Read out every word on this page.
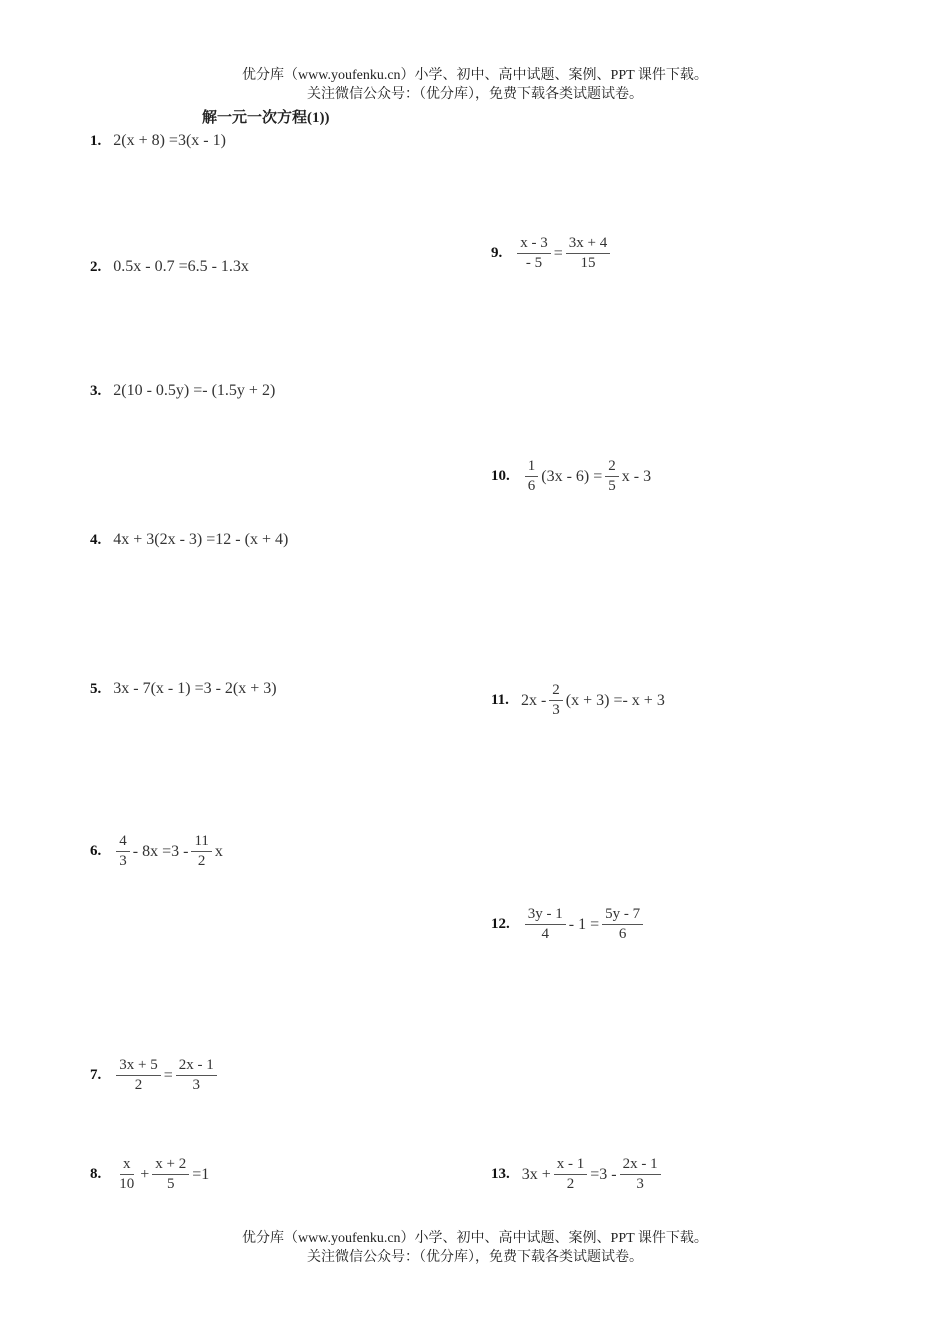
优分库（www.youfenku.cn）小学、初中、高中试题、案例、PPT 课件下载。
关注微信公众号：（优分库），免费下载各类试题试卷。
解一元一次方程(1))
1. 2(x + 8) =3(x - 1)
2. 0.5x - 0.7 =6.5 - 1.3x
3. 2(10 - 0.5y) =- (1.5y + 2)
4. 4x + 3(2x - 3) =12 - (x + 4)
5. 3x - 7(x - 1) =3 - 2(x + 3)
6. $\frac{4}{3} - 8x =3 - \frac{11}{2}$ x
7. $\frac{3x + 5}{2} = \frac{2x - 1}{3}$
8. $\frac{x}{10} + \frac{x + 2}{5} =1$
9. $\frac{x - 3}{- 5} = \frac{3x + 4}{15}$
10. $\frac{1}{6} (3x - 6) = \frac{2}{5}$ x - 3
11. $2x - \frac{2}{3} (x + 3) =- x + 3$
12. $\frac{3y - 1}{4} - 1 = \frac{5y - 7}{6}$
13. $3x + \frac{x - 1}{2} =3 - \frac{2x - 1}{3}$
优分库（www.youfenku.cn）小学、初中、高中试题、案例、PPT 课件下载。
关注微信公众号：（优分库），免费下载各类试题试卷。
